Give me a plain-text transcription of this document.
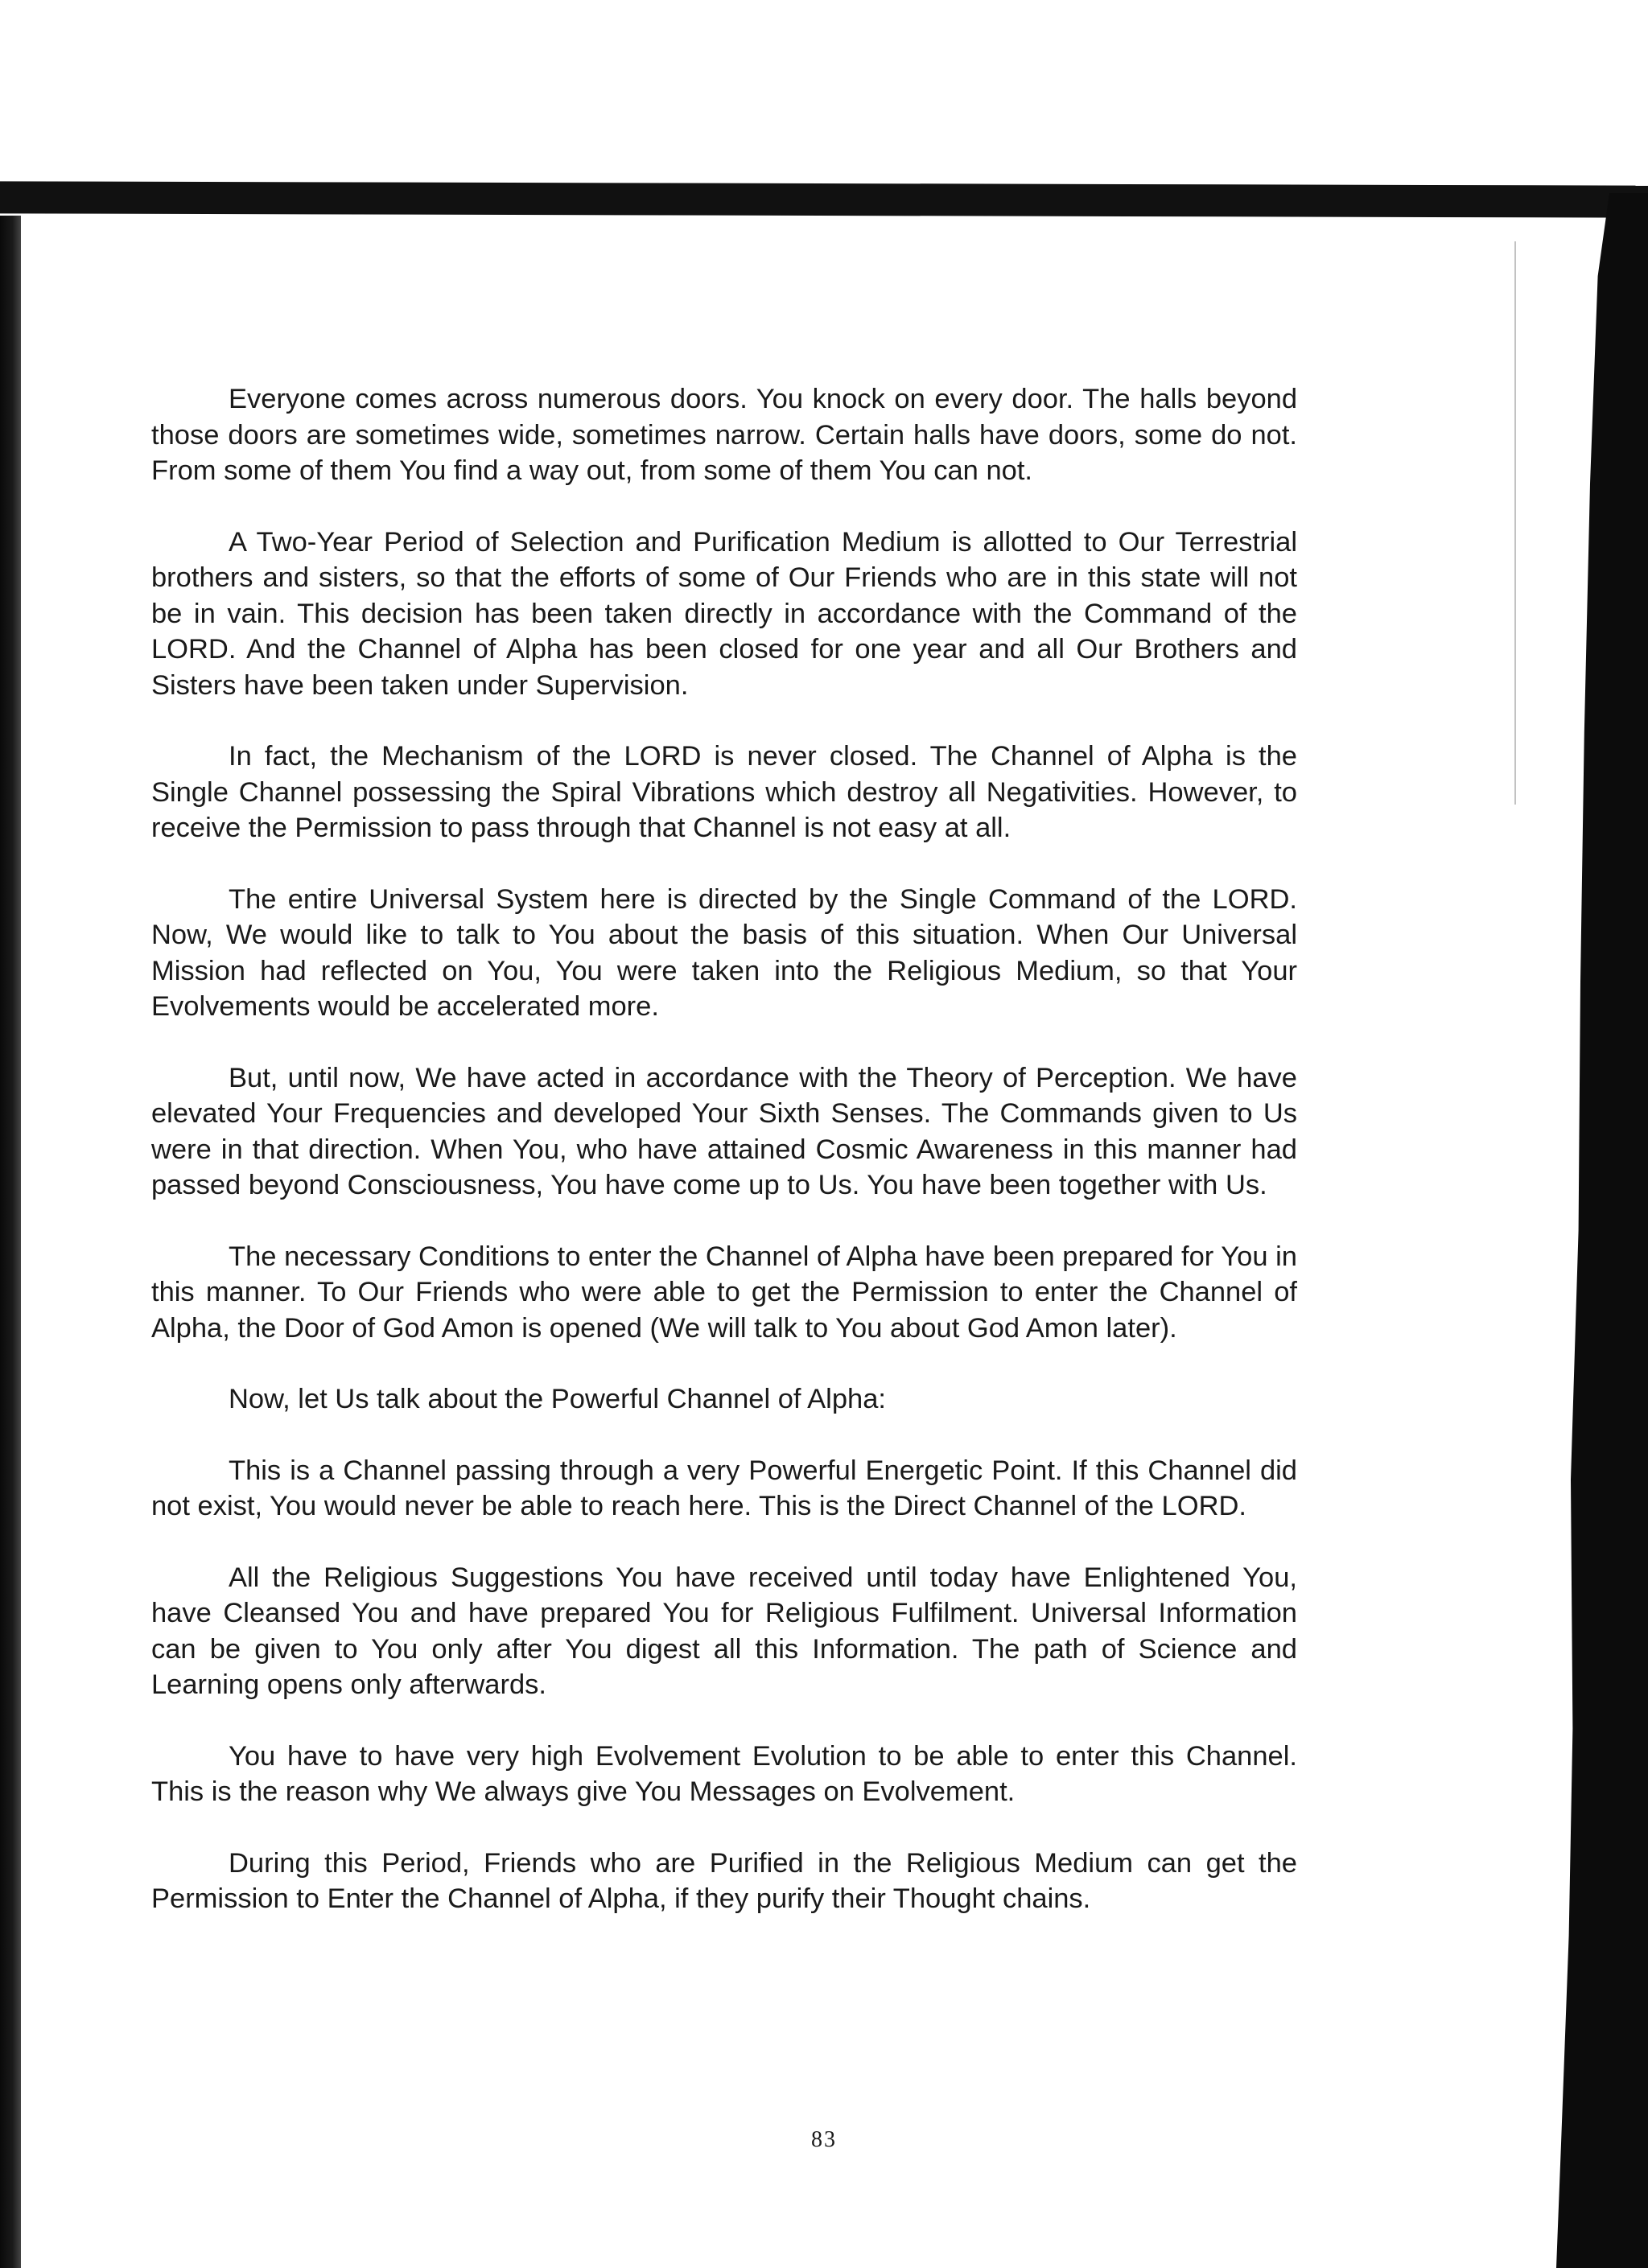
Everyone comes across numerous doors. You knock on every door. The halls beyond those doors are sometimes wide, sometimes narrow. Certain halls have doors, some do not. From some of them You find a way out, from some of them You can not.

A Two-Year Period of Selection and Purification Medium is allotted to Our Terrestrial brothers and sisters, so that the efforts of some of Our Friends who are in this state will not be in vain. This decision has been taken directly in accordance with the Command of the LORD. And the Channel of Alpha has been closed for one year and all Our Brothers and Sisters have been taken under Supervision.

In fact, the Mechanism of the LORD is never closed. The Channel of Alpha is the Single Channel possessing the Spiral Vibrations which destroy all Negativities. However, to receive the Permission to pass through that Channel is not easy at all.

The entire Universal System here is directed by the Single Command of the LORD. Now, We would like to talk to You about the basis of this situation. When Our Universal Mission had reflected on You, You were taken into the Religious Medium, so that Your Evolvements would be accelerated more.

But, until now, We have acted in accordance with the Theory of Perception. We have elevated Your Frequencies and developed Your Sixth Senses. The Commands given to Us were in that direction. When You, who have attained Cosmic Awareness in this manner had passed beyond Consciousness, You have come up to Us. You have been together with Us.

The necessary Conditions to enter the Channel of Alpha have been prepared for You in this manner. To Our Friends who were able to get the Permission to enter the Channel of Alpha, the Door of God Amon is opened (We will talk to You about God Amon later).

Now, let Us talk about the Powerful Channel of Alpha:

This is a Channel passing through a very Powerful Energetic Point. If this Channel did not exist, You would never be able to reach here. This is the Direct Channel of the LORD.

All the Religious Suggestions You have received until today have Enlightened You, have Cleansed You and have prepared You for Religious Fulfilment. Universal Information can be given to You only after You digest all this Information. The path of Science and Learning opens only afterwards.

You have to have very high Evolvement Evolution to be able to enter this Channel. This is the reason why We always give You Messages on Evolvement.

During this Period, Friends who are Purified in the Religious Medium can get the Permission to Enter the Channel of Alpha, if they purify their Thought chains.

83
